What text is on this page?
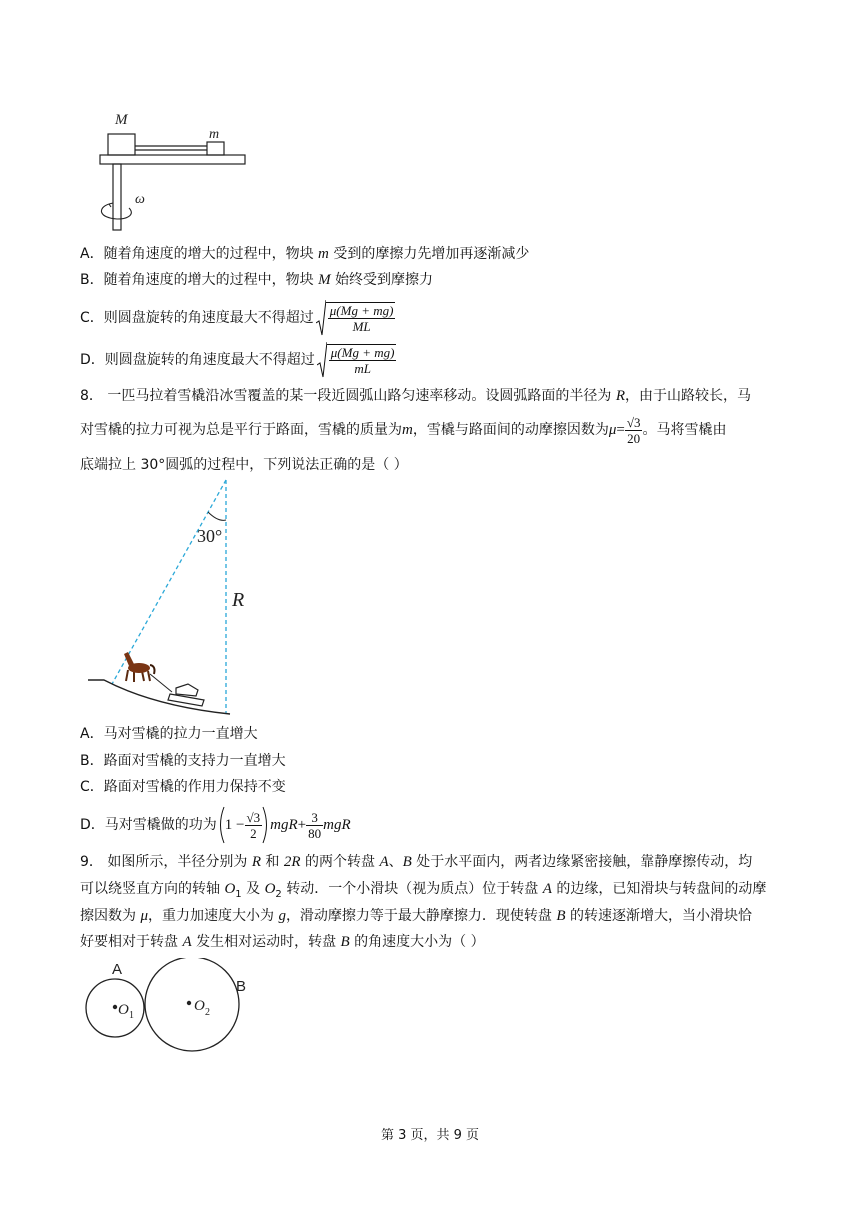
M
m
ω
A．随着角速度的增大的过程中，物块 m 受到的摩擦力先增加再逐渐减少
B．随着角速度的增大的过程中，物块 M 始终受到摩擦力
C． 则圆盘旋转的角速度最大不得超过 $\frac{\mu(Mg + mg)}{ML}$
D． 则圆盘旋转的角速度最大不得超过 $\frac{\mu(Mg + mg)}{mL}$
8． 一匹马拉着雪橇沿冰雪覆盖的某一段近圆弧山路匀速率移动。设圆弧路面的半径为 R，由于山路较长，马
对雪橇的拉力可视为总是平行于路面，雪橇的质量为 m ，雪橇与路面间的动摩擦因数为 $\mu = \frac{√3}{20}$ 。马将雪橇由
底端拉上 30°圆弧的过程中，下列说法正确的是（ ）
30°
R
A．马对雪橇的拉力一直增大
B．路面对雪橇的支持力一直增大
C．路面对雪橇的作用力保持不变
D．马对雪橇做的功为 $1 - \frac{√3}{2}$ mgR + $\frac{3}{80}$ mgR
9． 如图所示，半径分别为 R 和 2R 的两个转盘 A、B 处于水平面内，两者边缘紧密接触，靠静摩擦传动，均
可以绕竖直方向的转轴 $O_1$ 及 $O_2$ 转动．一个小滑块（视为质点）位于转盘 A 的边缘，已知滑块与转盘间的动摩
擦因数为 μ，重力加速度大小为 g，滑动摩擦力等于最大静摩擦力．现使转盘 B 的转速逐渐增大，当小滑块恰
好要相对于转盘 A 发生相对运动时，转盘 B 的角速度大小为（ ）
A
B
O 1
O 2
第 3 页，共 9 页
